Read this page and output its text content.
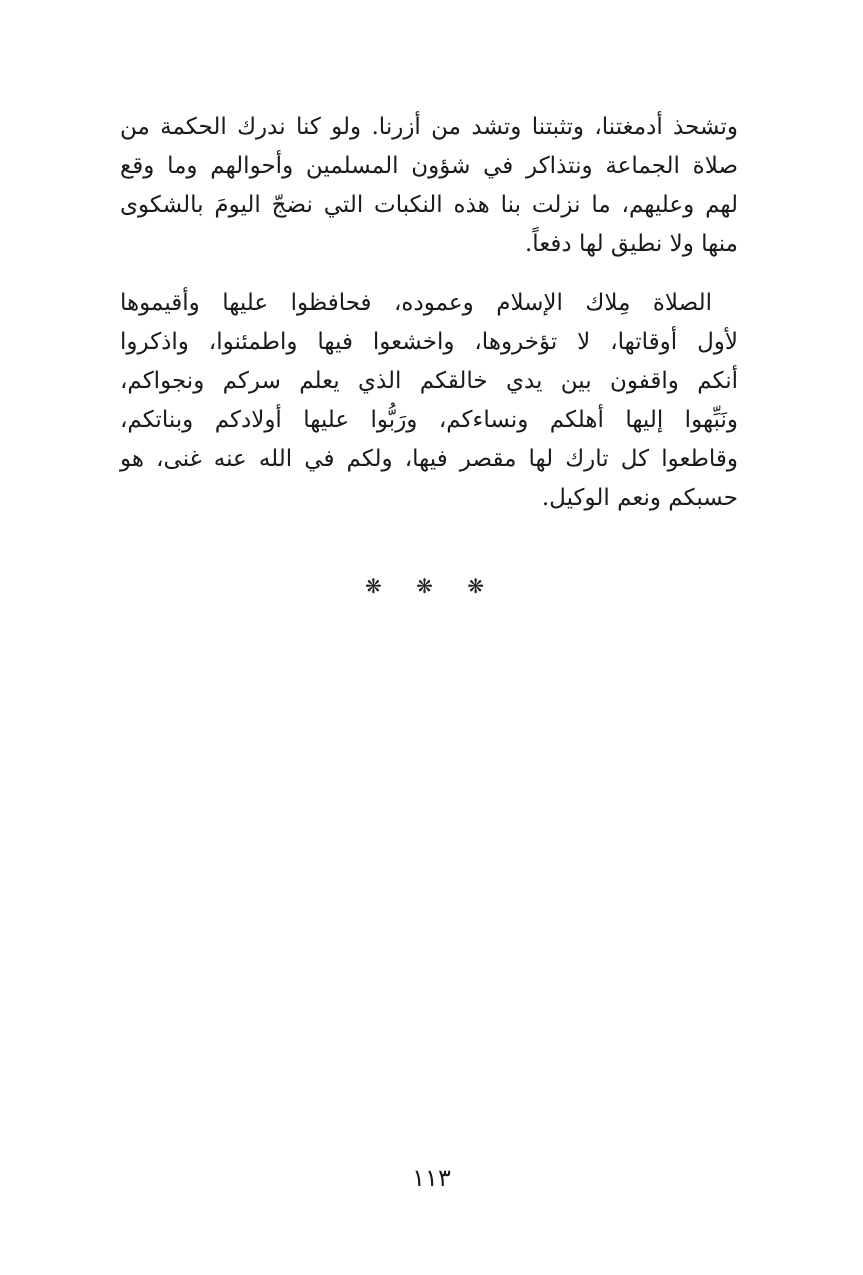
وتشحذ أدمغتنا، وتثبتنا وتشد من أزرنا. ولو كنا ندرك الحكمة من
صلاة الجماعة ونتذاكر في شؤون المسلمين وأحوالهم وما وقع
لهم وعليهم، ما نزلت بنا هذه النكبات التي نضجّ اليومَ بالشكوى
منها ولا نطيق لها دفعاً.

الصلاة مِلاك الإسلام وعموده، فحافظوا عليها وأقيموها
لأول أوقاتها، لا تؤخروها، واخشعوا فيها واطمئنوا، واذكروا
أنكم واقفون بين يدي خالقكم الذي يعلم سركم ونجواكم،
ونَبِّهوا إليها أهلكم ونساءكم، ورَبُّوا عليها أولادكم وبناتكم،
وقاطعوا كل تارك لها مقصر فيها، ولكم في الله عنه غنى، هو
حسبكم ونعم الوكيل.

❋ ❋ ❋
١١٣
